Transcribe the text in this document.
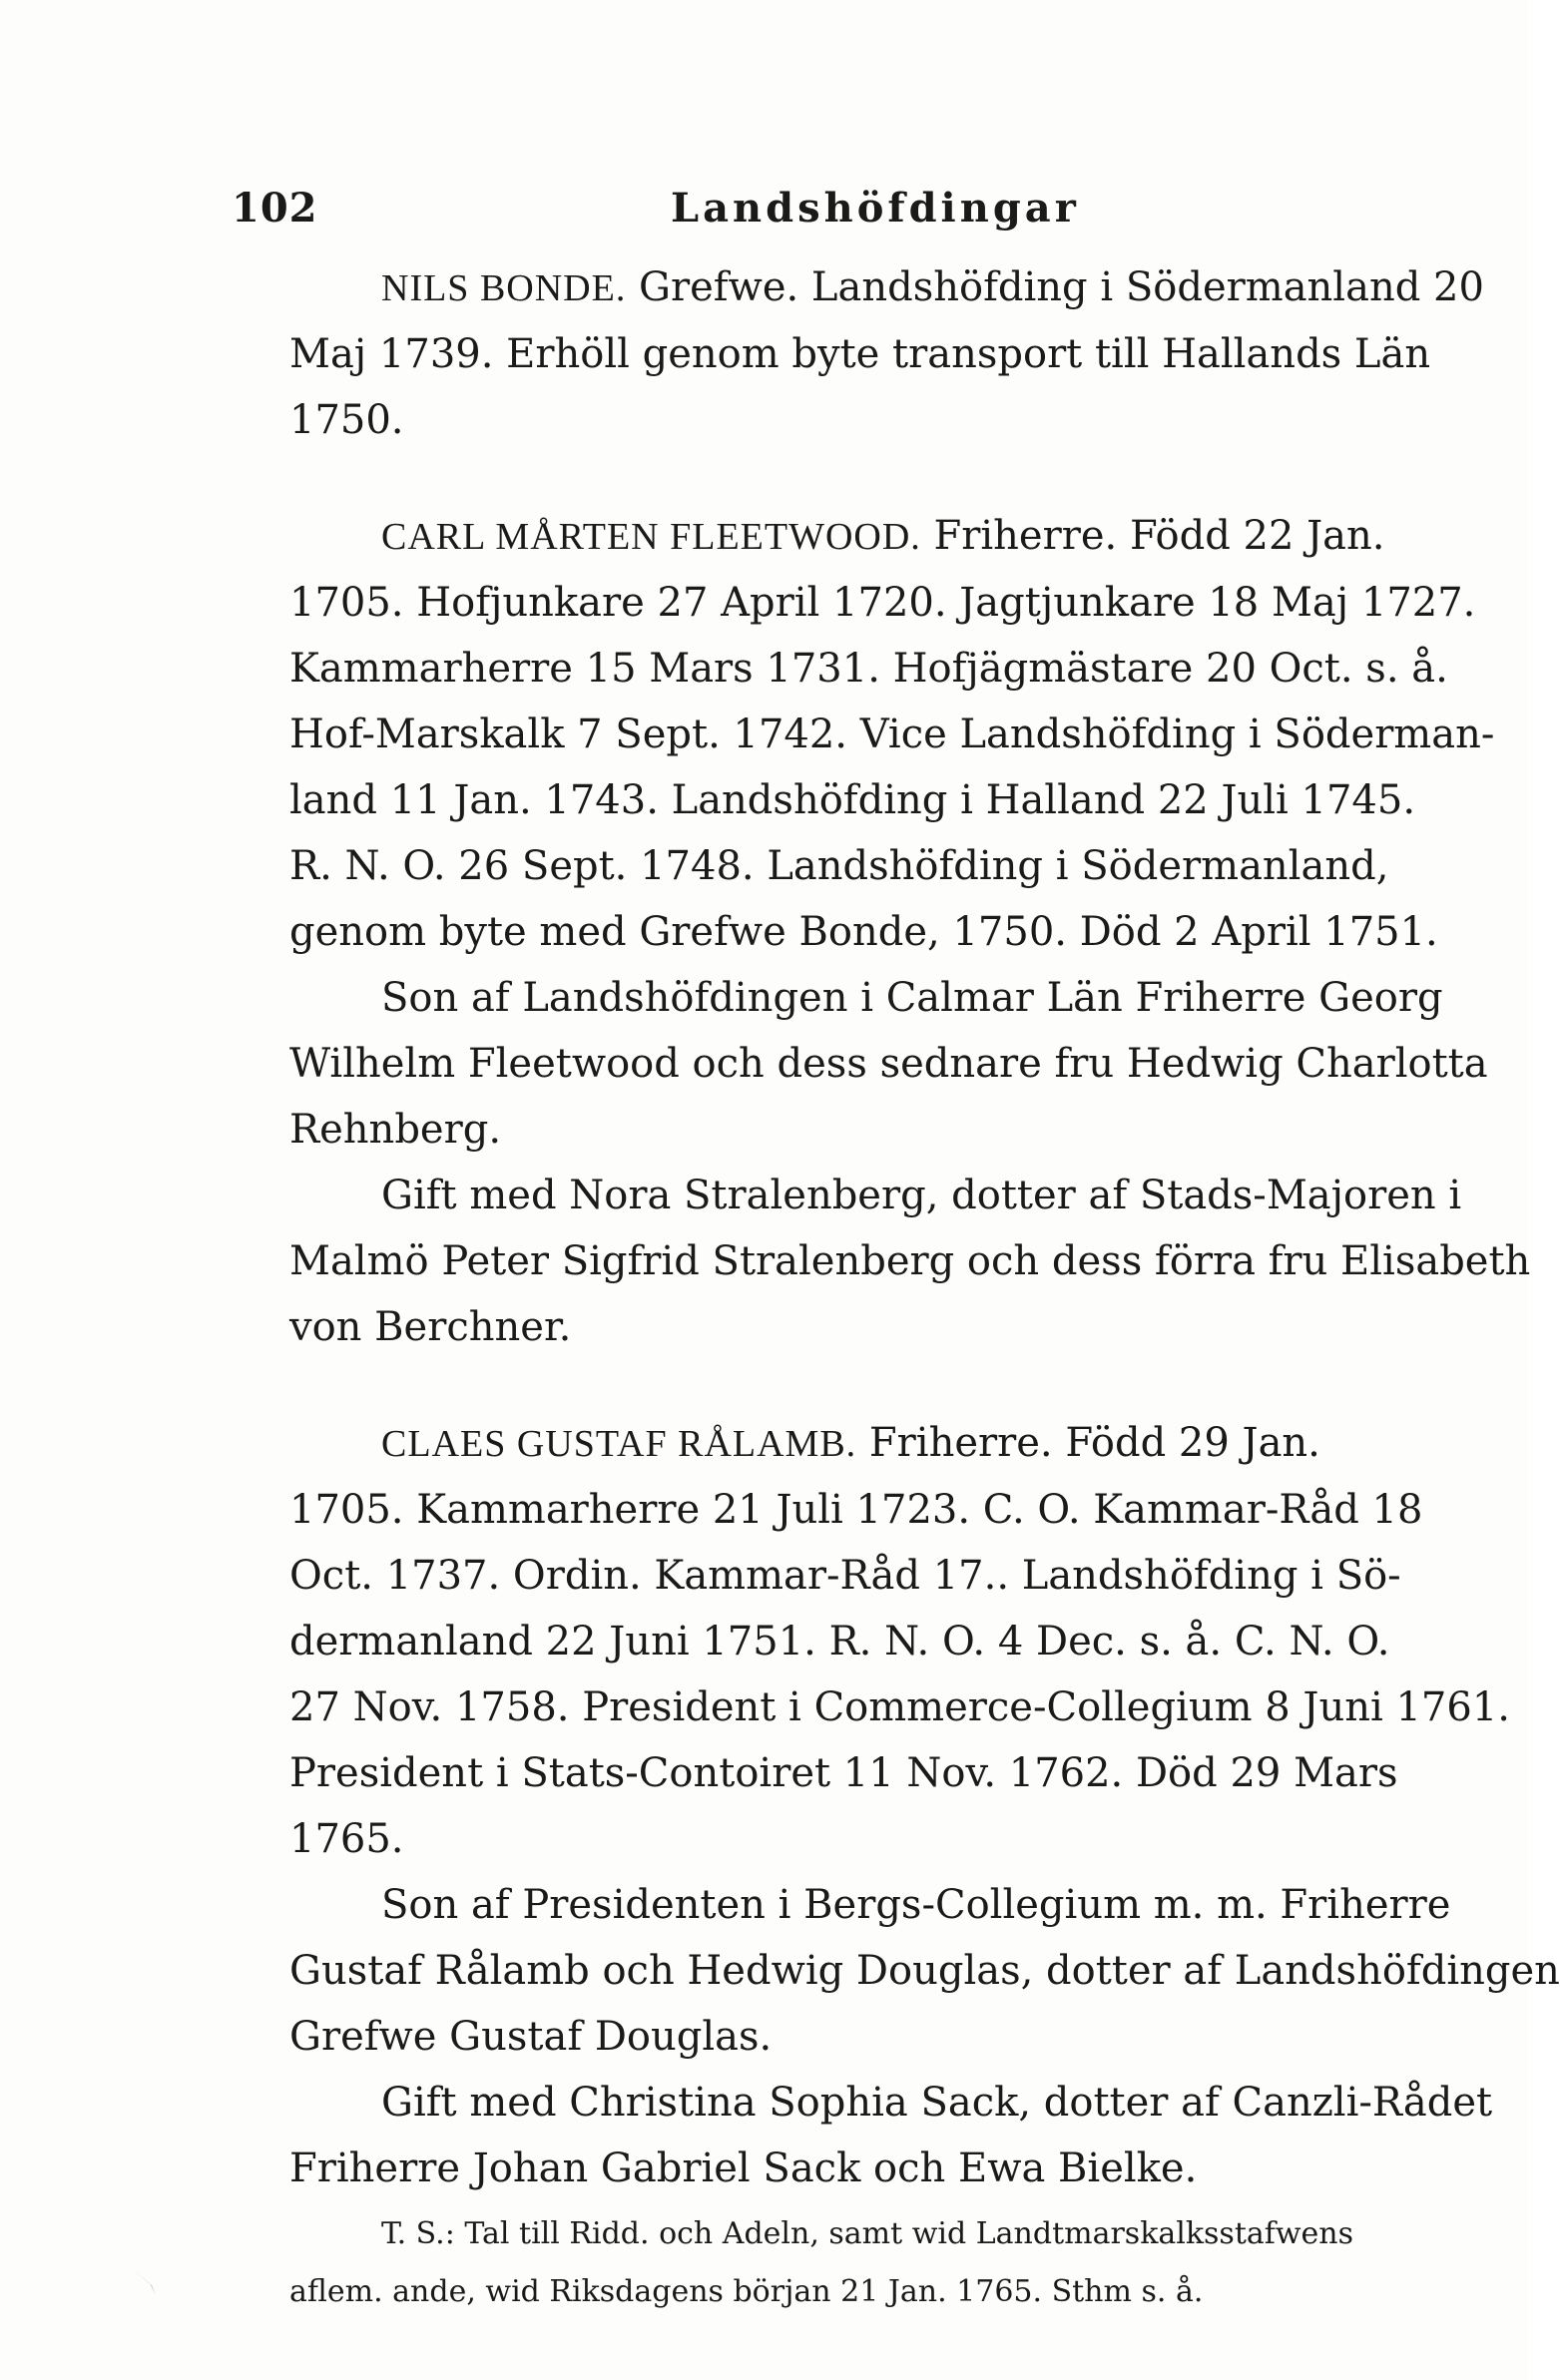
102	Landshöfdingar
NILS BONDE. Grefwe. Landshöfding i Södermanland 20
Maj 1739. Erhöll genom byte transport till Hallands Län
1750.
CARL MÅRTEN FLEETWOOD. Friherre. Född 22 Jan.
1705. Hofjunkare 27 April 1720. Jagtjunkare 18 Maj 1727.
Kammarherre 15 Mars 1731. Hofjägmästare 20 Oct. s. å.
Hof-Marskalk 7 Sept. 1742. Vice Landshöfding i Söderman-
land 11 Jan. 1743. Landshöfding i Halland 22 Juli 1745.
R. N. O. 26 Sept. 1748. Landshöfding i Södermanland,
genom byte med Grefwe Bonde, 1750. Död 2 April 1751.
Son af Landshöfdingen i Calmar Län Friherre Georg
Wilhelm Fleetwood och dess sednare fru Hedwig Charlotta
Rehnberg.
Gift med Nora Stralenberg, dotter af Stads-Majoren i
Malmö Peter Sigfrid Stralenberg och dess förra fru Elisabeth
von Berchner.
CLAES GUSTAF RÅLAMB. Friherre. Född 29 Jan.
1705. Kammarherre 21 Juli 1723. C. O. Kammar-Råd 18
Oct. 1737. Ordin. Kammar-Råd 17.. Landshöfding i Sö-
dermanland 22 Juni 1751. R. N. O. 4 Dec. s. å. C. N. O.
27 Nov. 1758. President i Commerce-Collegium 8 Juni 1761.
President i Stats-Contoiret 11 Nov. 1762. Död 29 Mars
1765.
Son af Presidenten i Bergs-Collegium m. m. Friherre
Gustaf Rålamb och Hedwig Douglas, dotter af Landshöfdingen
Grefwe Gustaf Douglas.
Gift med Christina Sophia Sack, dotter af Canzli-Rådet
Friherre Johan Gabriel Sack och Ewa Bielke.
T. S.: Tal till Ridd. och Adeln, samt wid Landtmarskalksstafwens
aflem. ande, wid Riksdagens början 21 Jan. 1765. Sthm s. å.
